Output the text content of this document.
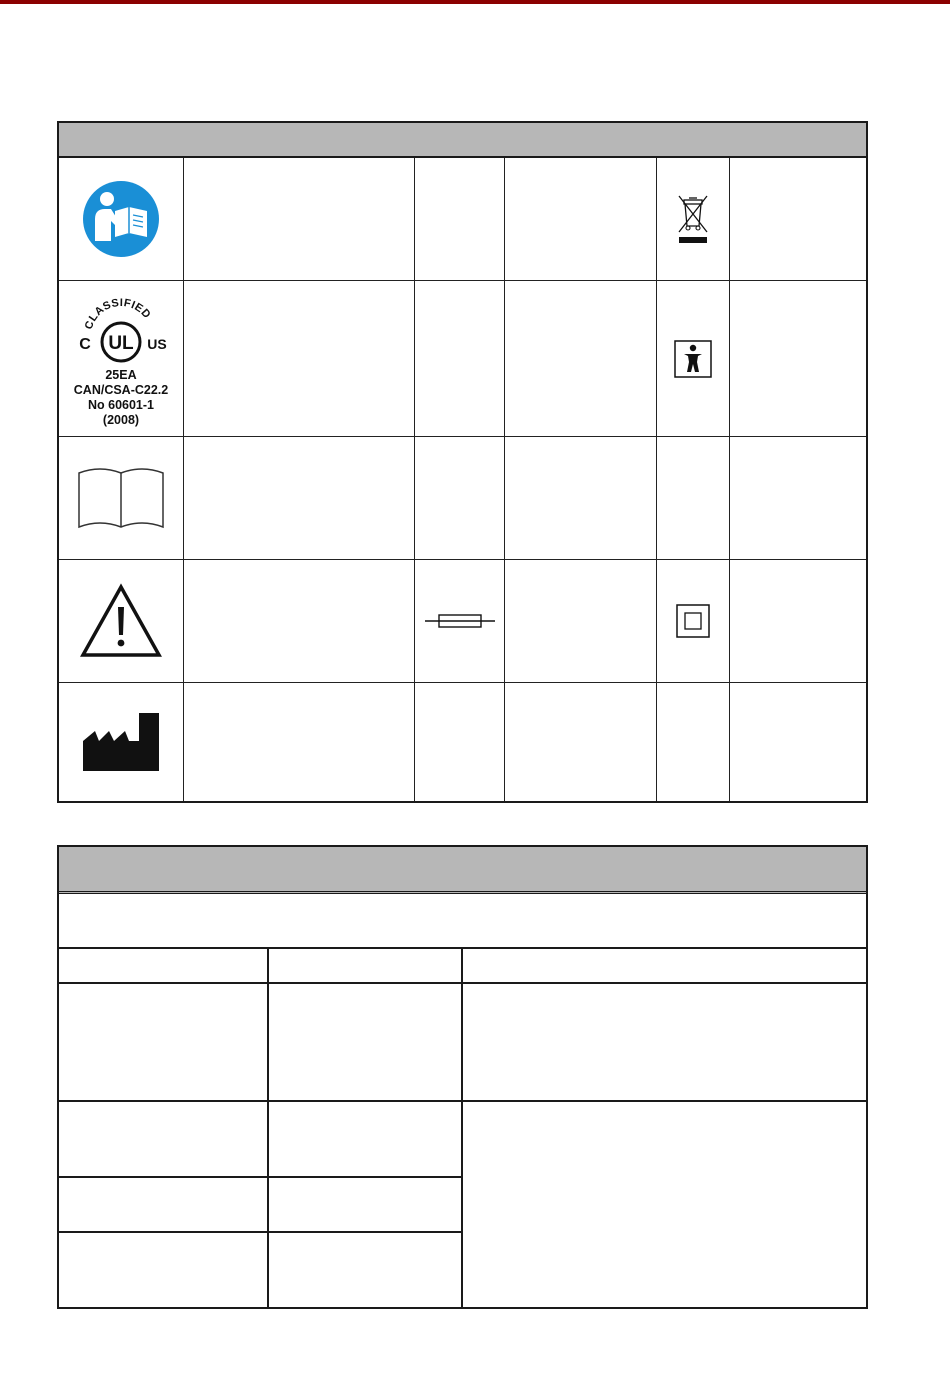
CLASSIFIED
UL
C	US
25EA
CAN/CSA-C22.2
No 60601-1
(2008)
